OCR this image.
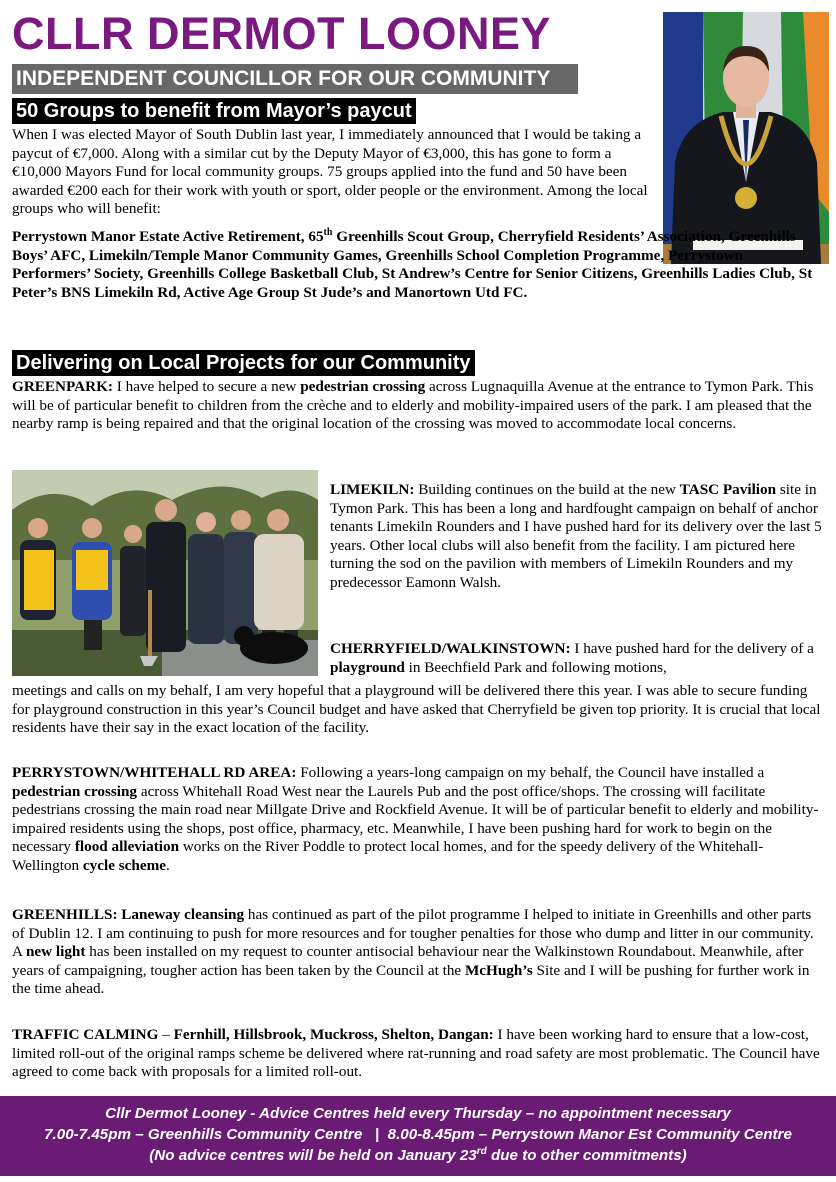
CLLR DERMOT LOONEY
INDEPENDENT COUNCILLOR FOR OUR COMMUNITY
50 Groups to benefit from Mayor’s paycut

When I was elected Mayor of South Dublin last year, I immediately announced that I would be taking a paycut of €7,000. Along with a similar cut by the Deputy Mayor of €3,000, this has gone to form a €10,000 Mayors Fund for local community groups. 75 groups applied into the fund and 50 have been awarded €200 each for their work with youth or sport, older people or the environment. Among the local groups who will benefit:

Perrystown Manor Estate Active Retirement, 65th Greenhills Scout Group, Cherryfield Residents’ Association, Greenhills Boys’ AFC, Limekiln/Temple Manor Community Games, Greenhills School Completion Programme, Perrystown Performers’ Society, Greenhills College Basketball Club, St Andrew’s Centre for Senior Citizens, Greenhills Ladies Club, St Peter’s BNS Limekiln Rd, Active Age Group St Jude’s and Manortown Utd FC.

Delivering on Local Projects for our Community

GREENPARK: I have helped to secure a new pedestrian crossing across Lugnaquilla Avenue at the entrance to Tymon Park. This will be of particular benefit to children from the crèche and to elderly and mobility-impaired users of the park. I am pleased that the nearby ramp is being repaired and that the original location of the crossing was moved to accommodate local concerns.

LIMEKILN: Building continues on the build at the new TASC Pavilion site in Tymon Park. This has been a long and hardfought campaign on behalf of anchor tenants Limekiln Rounders and I have pushed hard for its delivery over the last 5 years. Other local clubs will also benefit from the facility. I am pictured here turning the sod on the pavilion with members of Limekiln Rounders and my predecessor Eamonn Walsh.

CHERRYFIELD/WALKINSTOWN: I have pushed hard for the delivery of a playground in Beechfield Park and following motions,

meetings and calls on my behalf, I am very hopeful that a playground will be delivered there this year. I was able to secure funding for playground construction in this year’s Council budget and have asked that Cherryfield be given top priority. It is crucial that local residents have their say in the exact location of the facility.

PERRYSTOWN/WHITEHALL RD AREA: Following a years-long campaign on my behalf, the Council have installed a pedestrian crossing across Whitehall Road West near the Laurels Pub and the post office/shops. The crossing will facilitate pedestrians crossing the main road near Millgate Drive and Rockfield Avenue. It will be of particular benefit to elderly and mobility-impaired residents using the shops, post office, pharmacy, etc. Meanwhile, I have been pushing hard for work to begin on the necessary flood alleviation works on the River Poddle to protect local homes, and for the speedy delivery of the Whitehall-Wellington cycle scheme.

GREENHILLS: Laneway cleansing has continued as part of the pilot programme I helped to initiate in Greenhills and other parts of Dublin 12. I am continuing to push for more resources and for tougher penalties for those who dump and litter in our community. A new light has been installed on my request to counter antisocial behaviour near the Walkinstown Roundabout. Meanwhile, after years of campaigning, tougher action has been taken by the Council at the McHugh’s Site and I will be pushing for further work in the time ahead.

TRAFFIC CALMING – Fernhill, Hillsbrook, Muckross, Shelton, Dangan: I have been working hard to ensure that a low-cost, limited roll-out of the original ramps scheme be delivered where rat-running and road safety are most problematic. The Council have agreed to come back with proposals for a limited roll-out.

Cllr Dermot Looney - Advice Centres held every Thursday – no appointment necessary
7.00-7.45pm – Greenhills Community Centre   |  8.00-8.45pm – Perrystown Manor Est Community Centre
(No advice centres will be held on January 23rd due to other commitments)
